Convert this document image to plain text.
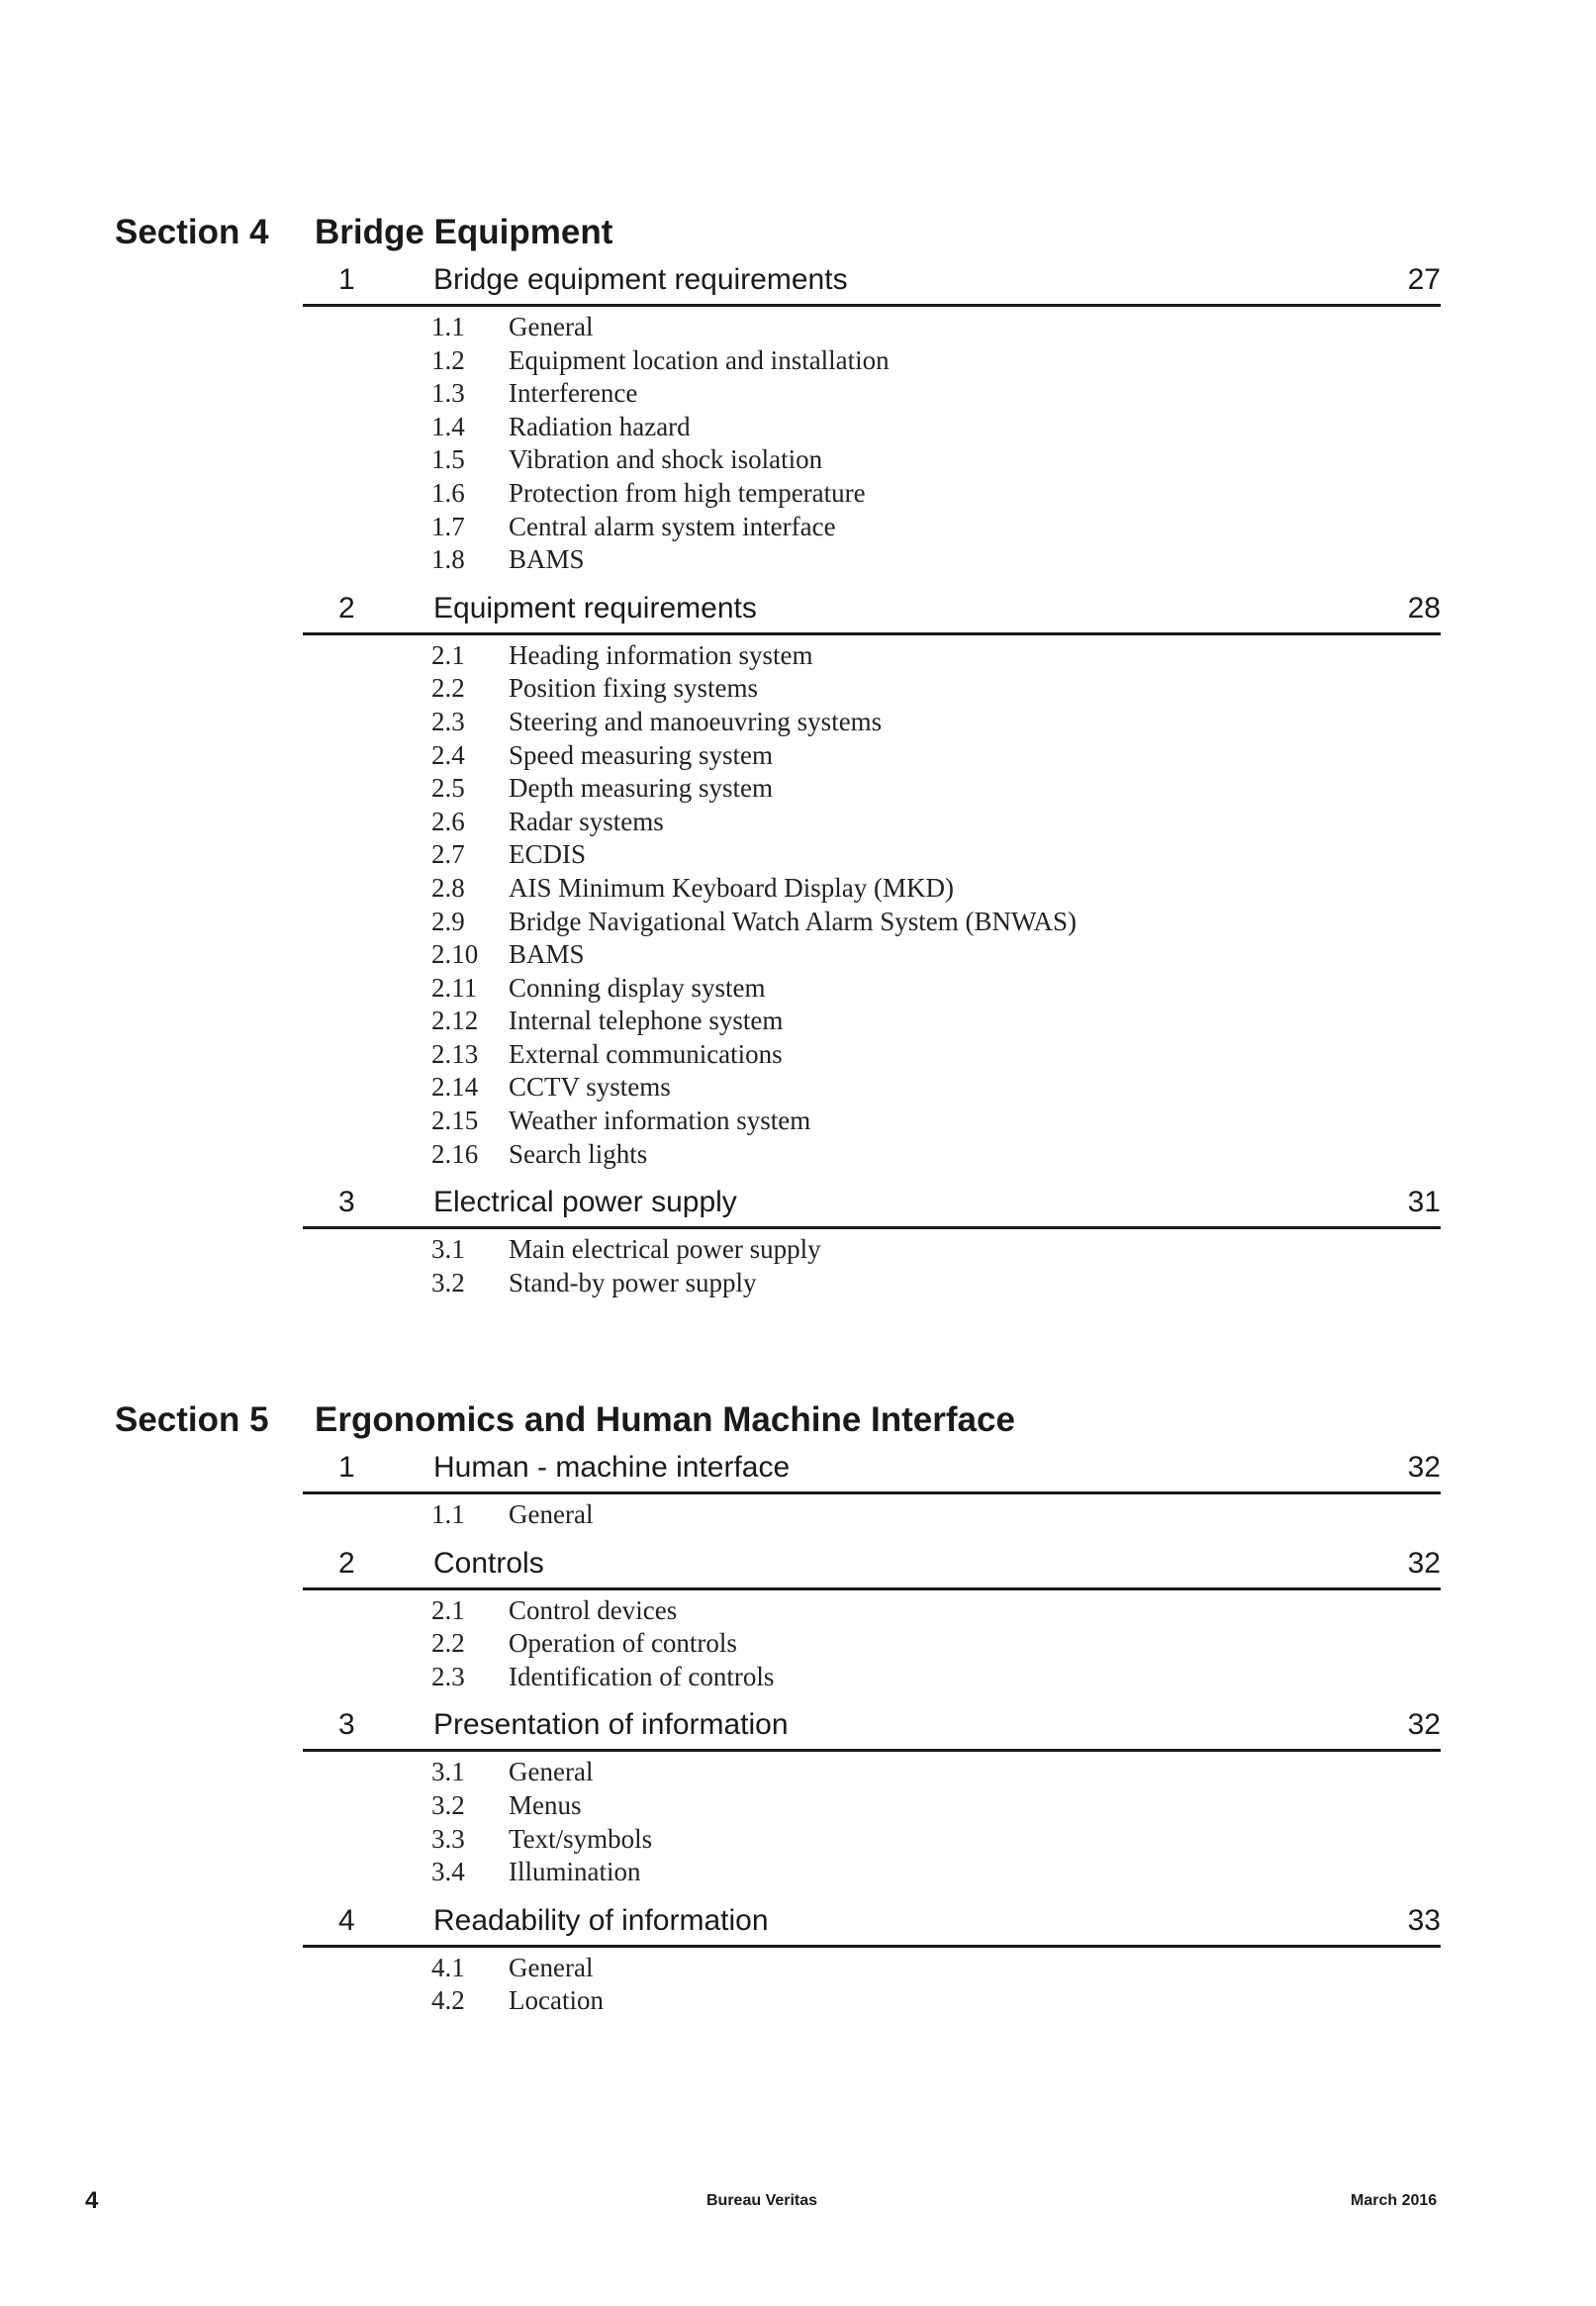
Section 4 Bridge Equipment
1	Bridge equipment requirements	27
1.1 General
1.2 Equipment location and installation
1.3 Interference
1.4 Radiation hazard
1.5 Vibration and shock isolation
1.6 Protection from high temperature
1.7 Central alarm system interface
1.8 BAMS
2	Equipment requirements	28
2.1 Heading information system
2.2 Position fixing systems
2.3 Steering and manoeuvring systems
2.4 Speed measuring system
2.5 Depth measuring system
2.6 Radar systems
2.7 ECDIS
2.8 AIS Minimum Keyboard Display (MKD)
2.9 Bridge Navigational Watch Alarm System (BNWAS)
2.10 BAMS
2.11 Conning display system
2.12 Internal telephone system
2.13 External communications
2.14 CCTV systems
2.15 Weather information system
2.16 Search lights
3	Electrical power supply	31
3.1 Main electrical power supply
3.2 Stand-by power supply
Section 5 Ergonomics and Human Machine Interface
1	Human - machine interface	32
1.1 General
2	Controls	32
2.1 Control devices
2.2 Operation of controls
2.3 Identification of controls
3	Presentation of information	32
3.1 General
3.2 Menus
3.3 Text/symbols
3.4 Illumination
4	Readability of information	33
4.1 General
4.2 Location
4	Bureau Veritas	March 2016
